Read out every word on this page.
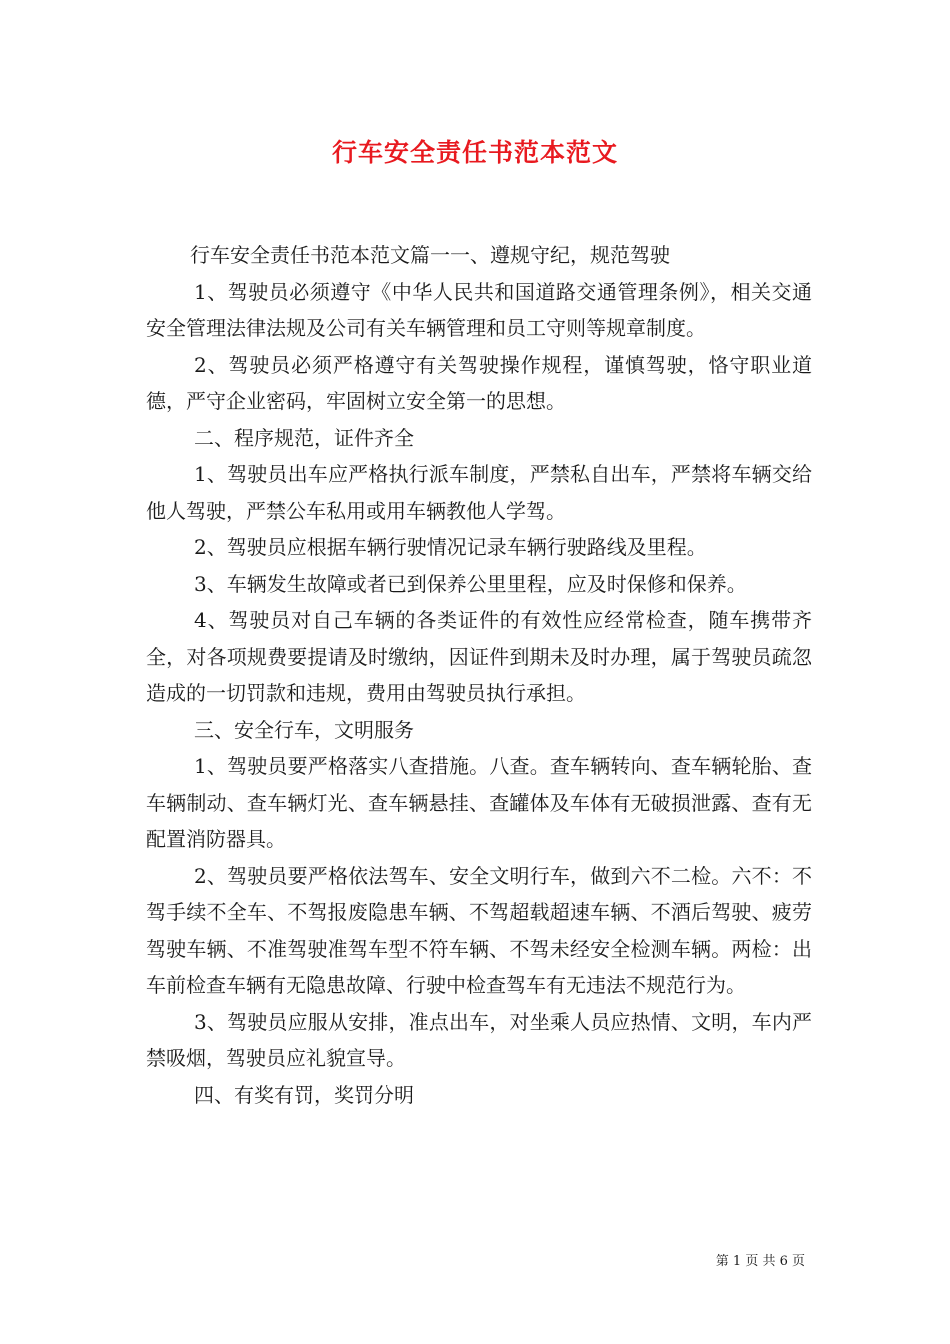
行车安全责任书范本范文

行车安全责任书范本范文篇一一、遵规守纪，规范驾驶

1、驾驶员必须遵守《中华人民共和国道路交通管理条例》，相关交通安全管理法律法规及公司有关车辆管理和员工守则等规章制度。

2、驾驶员必须严格遵守有关驾驶操作规程，谨慎驾驶，恪守职业道德，严守企业密码，牢固树立安全第一的思想。

二、程序规范，证件齐全

1、驾驶员出车应严格执行派车制度，严禁私自出车，严禁将车辆交给他人驾驶，严禁公车私用或用车辆教他人学驾。

2、驾驶员应根据车辆行驶情况记录车辆行驶路线及里程。

3、车辆发生故障或者已到保养公里里程，应及时保修和保养。

4、驾驶员对自己车辆的各类证件的有效性应经常检查，随车携带齐全，对各项规费要提请及时缴纳，因证件到期未及时办理，属于驾驶员疏忽造成的一切罚款和违规，费用由驾驶员执行承担。

三、安全行车，文明服务

1、驾驶员要严格落实八查措施。八查。查车辆转向、查车辆轮胎、查车辆制动、查车辆灯光、查车辆悬挂、查罐体及车体有无破损泄露、查有无配置消防器具。

2、驾驶员要严格依法驾车、安全文明行车，做到六不二检。六不：不驾手续不全车、不驾报废隐患车辆、不驾超载超速车辆、不酒后驾驶、疲劳驾驶车辆、不准驾驶准驾车型不符车辆、不驾未经安全检测车辆。两检：出车前检查车辆有无隐患故障、行驶中检查驾车有无违法不规范行为。

3、驾驶员应服从安排，准点出车，对坐乘人员应热情、文明，车内严禁吸烟，驾驶员应礼貌宣导。

四、有奖有罚，奖罚分明

第 1 页 共 6 页
